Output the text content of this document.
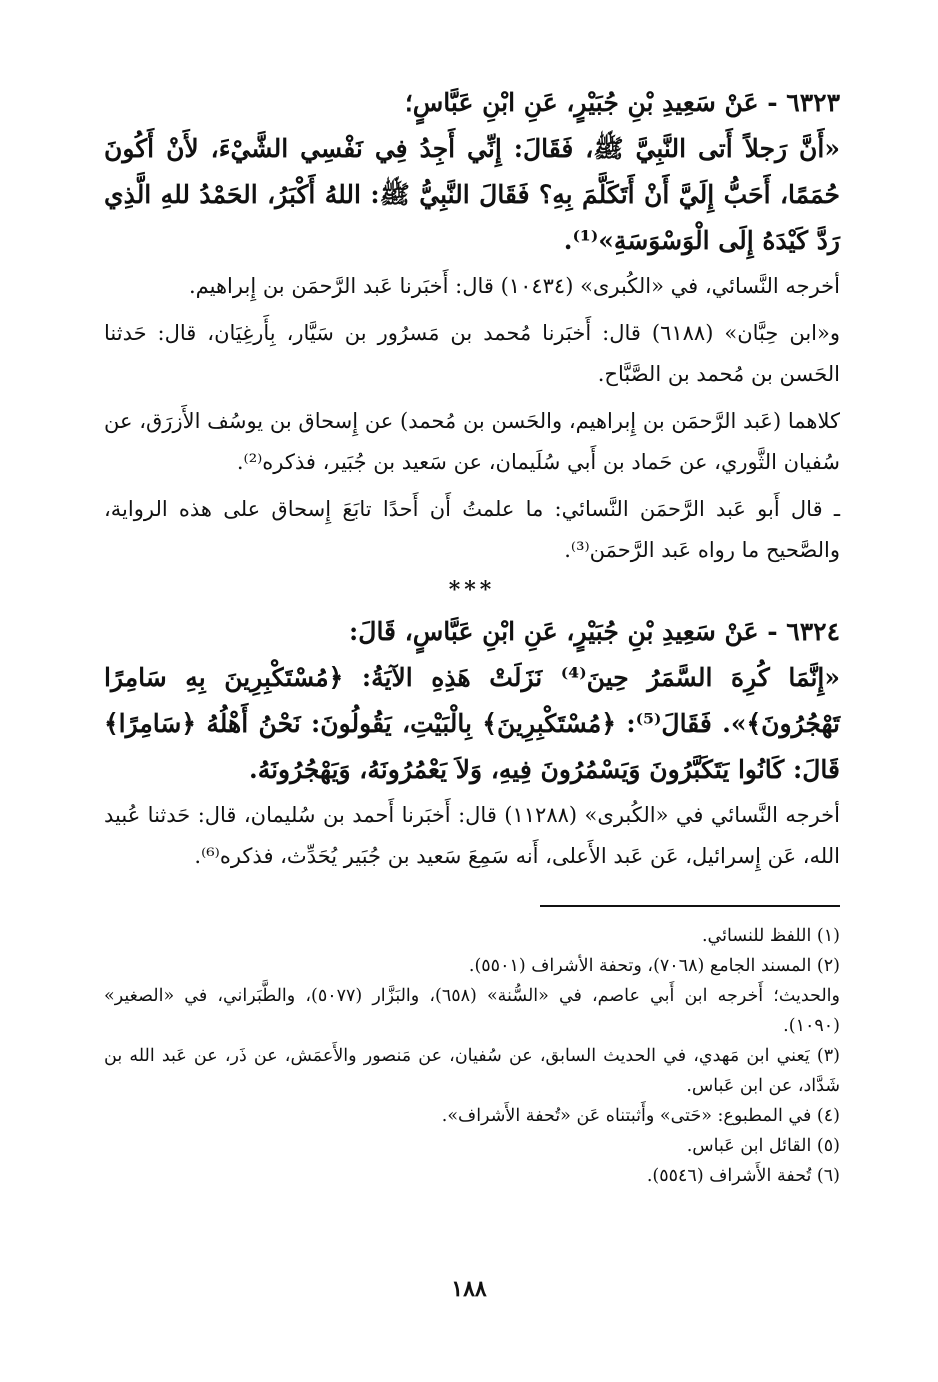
٦٣٢٣ - عَنْ سَعِيدِ بْنِ جُبَيْرٍ، عَنِ ابْنِ عَبَّاسٍ؛

«أَنَّ رَجلاً أَتى النَّبِيَّ ﷺ، فَقَالَ: إِنِّي أَجِدُ فِي نَفْسِي الشَّيْءَ، لأَنْ أَكُونَ حُمَمًا، أَحَبُّ إِلَيَّ أَنْ أَتَكَلَّمَ بِهِ؟ فَقَالَ النَّبِيُّ ﷺ: اللهُ أَكْبَرُ، الحَمْدُ للهِ الَّذِي رَدَّ كَيْدَهُ إِلَى الْوَسْوَسَةِ»⁽¹⁾.

أخرجه النَّسائي، في «الكُبرى» (١٠٤٣٤) قال: أَخبَرنا عَبد الرَّحمَن بن إِبراهيم.

و«ابن حِبَّان» (٦١٨٨) قال: أَخبَرنا مُحمد بن مَسرُور بن سَيَّار، بِأَرغِيَان، قال: حَدثنا الحَسن بن مُحمد بن الصَّبَّاح.

كلاهما (عَبد الرَّحمَن بن إِبراهيم، والحَسن بن مُحمد) عن إِسحاق بن يوسُف الأَزرَق، عن سُفيان الثَّوري، عن حَماد بن أَبي سُلَيمان، عن سَعيد بن جُبَير، فذكره⁽²⁾.

ـ قال أَبو عَبد الرَّحمَن النَّسائي: ما علمتُ أَن أَحدًا تابَعَ إِسحاق على هذه الرواية، والصَّحيح ما رواه عَبد الرَّحمَن⁽³⁾.

***

٦٣٢٤ - عَنْ سَعِيدِ بْنِ جُبَيْرٍ، عَنِ ابْنِ عَبَّاسٍ، قَالَ:

«إِنَّمَا كُرِهَ السَّمَرُ حِينَ⁽⁴⁾ نَزَلَتْ هَذِهِ الآيَةُ: ﴿مُسْتَكْبِرِينَ بِهِ سَامِرًا تَهْجُرُونَ﴾». فَقَالَ⁽⁵⁾: ﴿مُسْتَكْبِرِينَ﴾ بِالْبَيْتِ، يَقُولُونَ: نَحْنُ أَهْلُهُ ﴿سَامِرًا﴾ قَالَ: كَانُوا يَتَكَبَّرُونَ وَيَسْمُرُونَ فِيهِ، وَلاَ يَعْمُرُونَهُ، وَيَهْجُرُونَهُ.

أخرجه النَّسائي في «الكُبرى» (١١٢٨٨) قال: أَخبَرنا أَحمد بن سُليمان، قال: حَدثنا عُبيد الله، عَن إِسرائيل، عَن عَبد الأَعلى، أَنه سَمِعَ سَعيد بن جُبَير يُحَدِّث، فذكره⁽⁶⁾.

(١) اللفظ للنسائي.

(٢) المسند الجامع (٧٠٦٨)، وتحفة الأشراف (٥٥٠١).

والحديث؛ أَخرجه ابن أَبي عاصم، في «السُّنة» (٦٥٨)، والبَزَّار (٥٠٧٧)، والطَّبَراني، في «الصغير» (١٠٩٠).

(٣) يَعني ابن مَهدي، في الحديث السابق، عن سُفيان، عن مَنصور والأَعمَش، عن ذَر، عن عَبد الله بن شَدَّاد، عن ابن عَباس.

(٤) في المطبوع: «حَتى» وأَثبتناه عَن «تُحفة الأَشراف».

(٥) القائل ابن عَباس.

(٦) تُحفة الأَشراف (٥٥٤٦).

١٨٨
